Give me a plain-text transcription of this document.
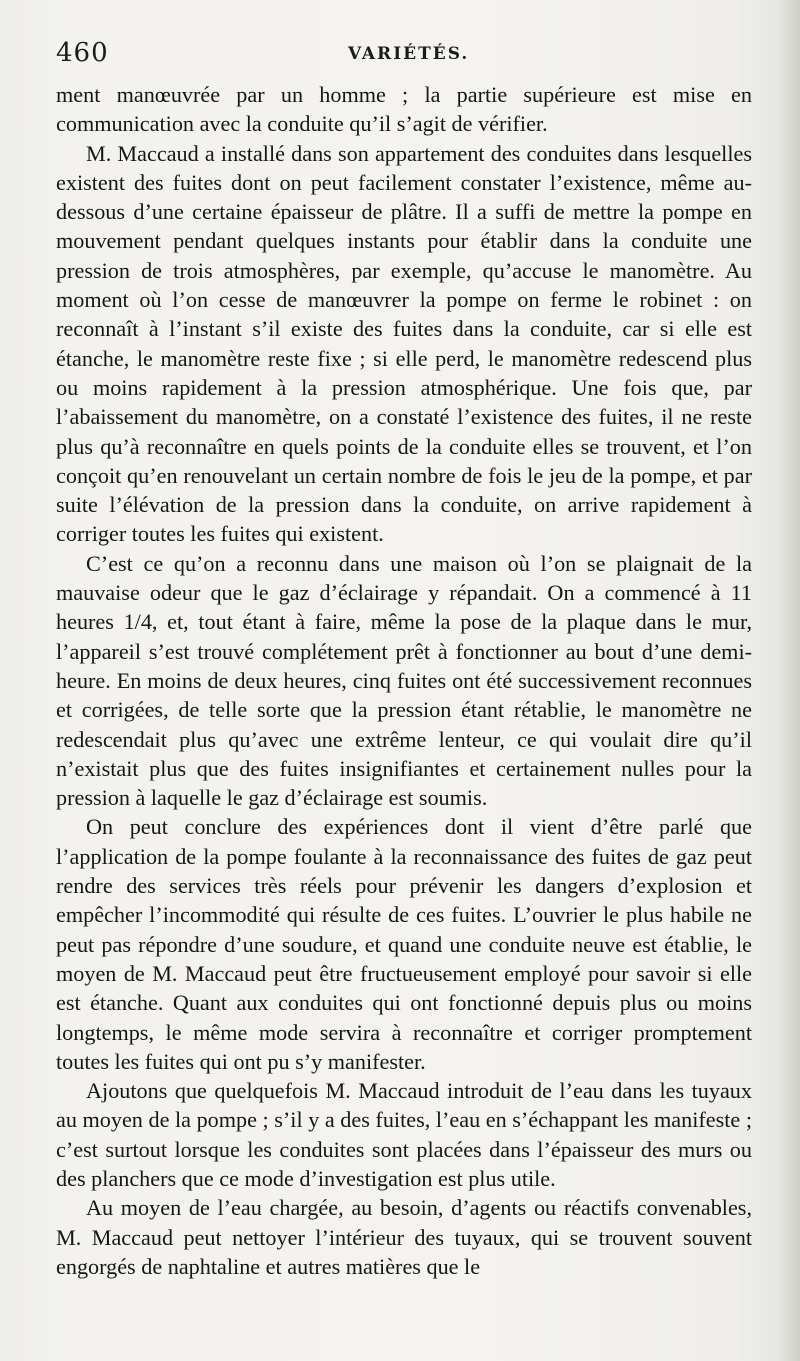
460	VARIÉTÉS.

ment manœuvrée par un homme ; la partie supérieure est mise en communication avec la conduite qu’il s’agit de vérifier.

M. Maccaud a installé dans son appartement des conduites dans lesquelles existent des fuites dont on peut facilement constater l’existence, même au-dessous d’une certaine épaisseur de plâtre. Il a suffi de mettre la pompe en mouvement pendant quelques instants pour établir dans la conduite une pression de trois atmosphères, par exemple, qu’accuse le manomètre. Au moment où l’on cesse de manœuvrer la pompe on ferme le robinet : on reconnaît à l’instant s’il existe des fuites dans la conduite, car si elle est étanche, le manomètre reste fixe ; si elle perd, le manomètre redescend plus ou moins rapidement à la pression atmosphérique. Une fois que, par l’abaissement du manomètre, on a constaté l’existence des fuites, il ne reste plus qu’à reconnaître en quels points de la conduite elles se trouvent, et l’on conçoit qu’en renouvelant un certain nombre de fois le jeu de la pompe, et par suite l’élévation de la pression dans la conduite, on arrive rapidement à corriger toutes les fuites qui existent.

C’est ce qu’on a reconnu dans une maison où l’on se plaignait de la mauvaise odeur que le gaz d’éclairage y répandait. On a commencé à 11 heures 1/4, et, tout étant à faire, même la pose de la plaque dans le mur, l’appareil s’est trouvé complétement prêt à fonctionner au bout d’une demi-heure. En moins de deux heures, cinq fuites ont été successivement reconnues et corrigées, de telle sorte que la pression étant rétablie, le manomètre ne redescendait plus qu’avec une extrême lenteur, ce qui voulait dire qu’il n’existait plus que des fuites insignifiantes et certainement nulles pour la pression à laquelle le gaz d’éclairage est soumis.

On peut conclure des expériences dont il vient d’être parlé que l’application de la pompe foulante à la reconnaissance des fuites de gaz peut rendre des services très réels pour prévenir les dangers d’explosion et empêcher l’incommodité qui résulte de ces fuites. L’ouvrier le plus habile ne peut pas répondre d’une soudure, et quand une conduite neuve est établie, le moyen de M. Maccaud peut être fructueusement employé pour savoir si elle est étanche. Quant aux conduites qui ont fonctionné depuis plus ou moins longtemps, le même mode servira à reconnaître et corriger promptement toutes les fuites qui ont pu s’y manifester.

Ajoutons que quelquefois M. Maccaud introduit de l’eau dans les tuyaux au moyen de la pompe ; s’il y a des fuites, l’eau en s’échappant les manifeste ; c’est surtout lorsque les conduites sont placées dans l’épaisseur des murs ou des planchers que ce mode d’investigation est plus utile.

Au moyen de l’eau chargée, au besoin, d’agents ou réactifs convenables, M. Maccaud peut nettoyer l’intérieur des tuyaux, qui se trouvent souvent engorgés de naphtaline et autres matières que le
